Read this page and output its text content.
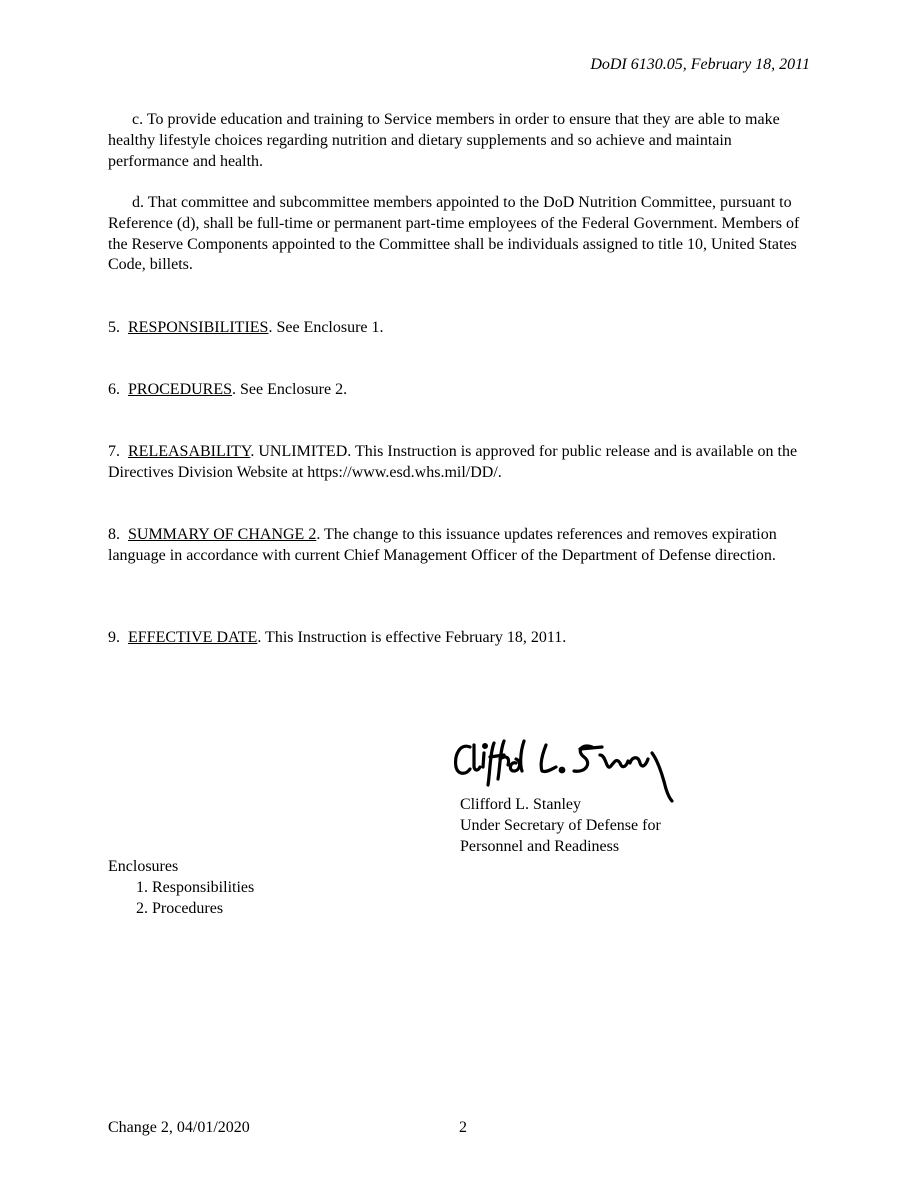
DoDI 6130.05, February 18, 2011
c. To provide education and training to Service members in order to ensure that they are able to make healthy lifestyle choices regarding nutrition and dietary supplements and so achieve and maintain performance and health.
d. That committee and subcommittee members appointed to the DoD Nutrition Committee, pursuant to Reference (d), shall be full-time or permanent part-time employees of the Federal Government. Members of the Reserve Components appointed to the Committee shall be individuals assigned to title 10, United States Code, billets.
5. RESPONSIBILITIES. See Enclosure 1.
6. PROCEDURES. See Enclosure 2.
7. RELEASABILITY. UNLIMITED. This Instruction is approved for public release and is available on the Directives Division Website at https://www.esd.whs.mil/DD/.
8. SUMMARY OF CHANGE 2. The change to this issuance updates references and removes expiration language in accordance with current Chief Management Officer of the Department of Defense direction.
9. EFFECTIVE DATE. This Instruction is effective February 18, 2011.
Clifford L. Stanley
Under Secretary of Defense for
Personnel and Readiness
Enclosures
1. Responsibilities
2. Procedures
Change 2, 04/01/2020	2
